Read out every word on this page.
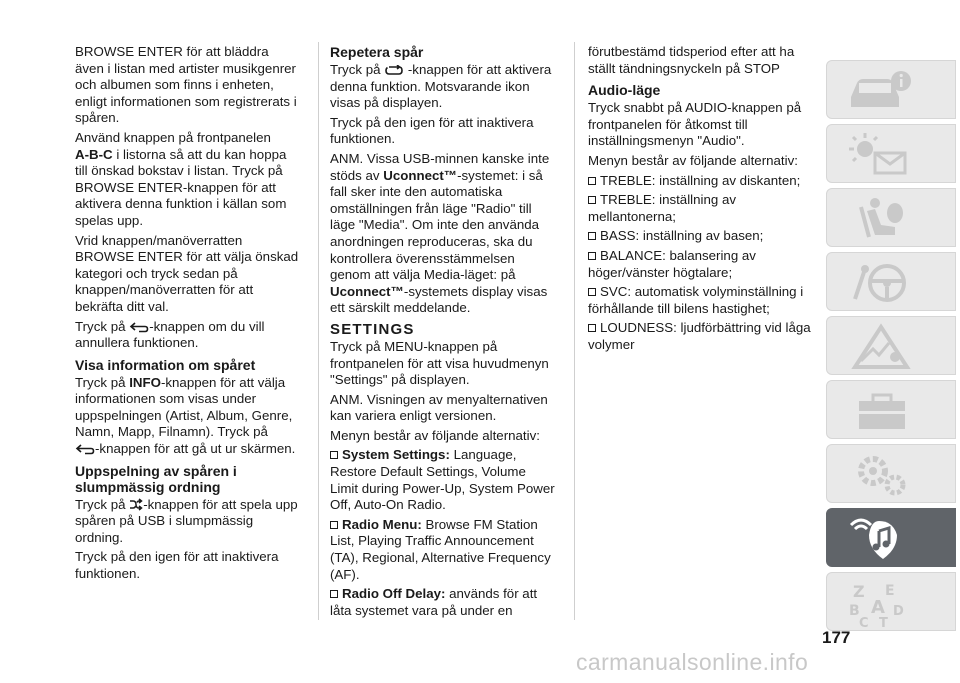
BROWSE ENTER för att bläddra även i listan med artister musikgenrer och albumen som finns i enheten, enligt informationen som registrerats i spåren.

Använd knappen på frontpanelen
A-B-C i listorna så att du kan hoppa till önskad bokstav i listan. Tryck på BROWSE ENTER-knappen för att aktivera denna funktion i källan som spelas upp.

Vrid knappen/manöverratten BROWSE ENTER för att välja önskad kategori och tryck sedan på knappen/manöverratten för att bekräfta ditt val.

Tryck på -knappen om du vill annullera funktionen.

Visa information om spåret

Tryck på INFO-knappen för att välja informationen som visas under uppspelningen (Artist, Album, Genre, Namn, Mapp, Filnamn). Tryck på
-knappen för att gå ut ur skärmen.

Uppspelning av spåren i slumpmässig ordning

Tryck på -knappen för att spela upp spåren på USB i slumpmässig ordning.

Tryck på den igen för att inaktivera funktionen.

Repetera spår

Tryck på  -knappen för att aktivera denna funktion. Motsvarande ikon visas på displayen.

Tryck på den igen för att inaktivera funktionen.

ANM. Vissa USB-minnen kanske inte stöds av Uconnect™-systemet: i så fall sker inte den automatiska omställningen från läge "Radio" till läge "Media". Om inte den använda anordningen reproduceras, ska du kontrollera överensstämmelsen genom att välja Media-läget: på Uconnect™-systemets display visas ett särskilt meddelande.

SETTINGS

Tryck på MENU-knappen på frontpanelen för att visa huvudmenyn "Settings" på displayen.

ANM. Visningen av menyalternativen kan variera enligt versionen.

Menyn består av följande alternativ:

System Settings: Language, Restore Default Settings, Volume Limit during Power-Up, System Power Off, Auto-On Radio.

Radio Menu: Browse FM Station List, Playing Traffic Announcement (TA), Regional, Alternative Frequency (AF).

Radio Off Delay: används för att låta systemet vara på under en

förutbestämd tidsperiod efter att ha ställt tändningsnyckeln på STOP

Audio-läge

Tryck snabbt på AUDIO-knappen på frontpanelen för åtkomst till inställningsmenyn "Audio".

Menyn består av följande alternativ:

TREBLE: inställning av diskanten;

TREBLE: inställning av mellantonerna;

BASS: inställning av basen;

BALANCE: balansering av höger/vänster högtalare;

SVC: automatisk volyminställning i förhållande till bilens hastighet;

LOUDNESS: ljudförbättring vid låga volymer

Z E
B A D
C T
177
carmanualsonline.info
